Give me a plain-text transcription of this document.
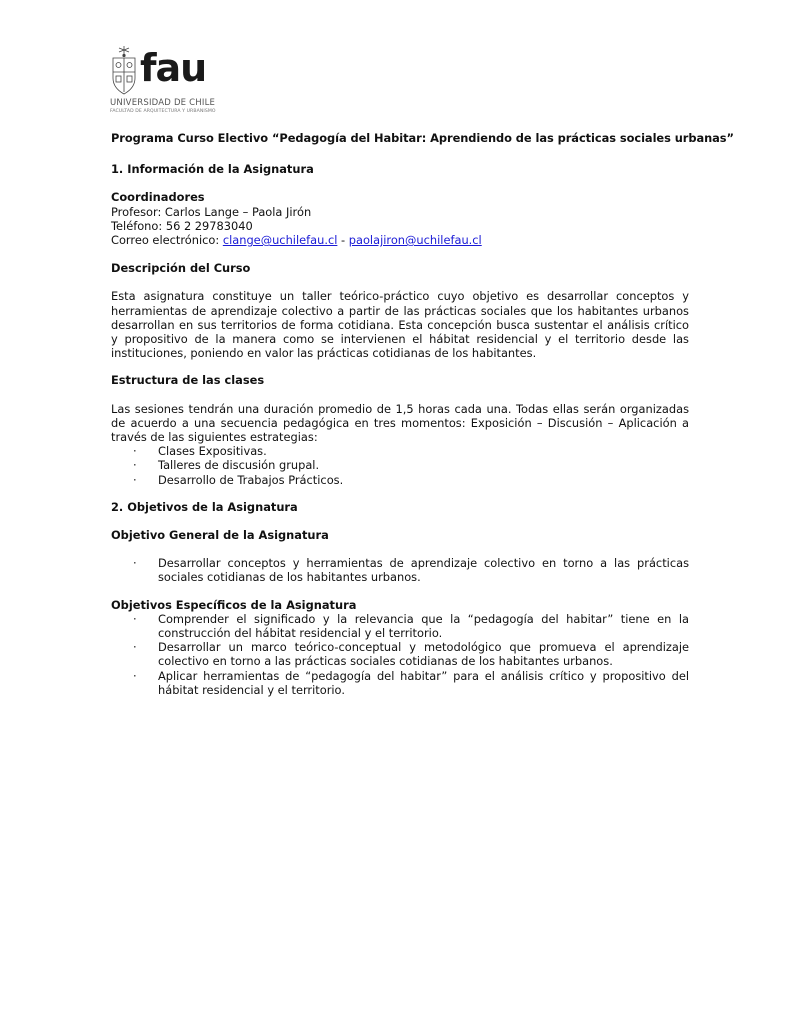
fau
UNIVERSIDAD DE CHILE
FACULTAD DE ARQUITECTURA Y URBANISMO

Programa Curso Electivo “Pedagogía del Habitar: Aprendiendo de las prácticas sociales urbanas”

1. Información de la Asignatura

Coordinadores

Profesor: Carlos Lange – Paola Jirón

Teléfono: 56 2 29783040

Correo electrónico: clange@uchilefau.cl - paolajiron@uchilefau.cl

Descripción del Curso

Esta asignatura constituye un taller teórico-práctico cuyo objetivo es desarrollar conceptos y herramientas de aprendizaje colectivo a partir de las prácticas sociales que los habitantes urbanos desarrollan en sus territorios de forma cotidiana. Esta concepción busca sustentar el análisis crítico y propositivo de la manera como se intervienen el hábitat residencial y el territorio desde las instituciones, poniendo en valor las prácticas cotidianas de los habitantes.

Estructura de las clases

Las sesiones tendrán una duración promedio de 1,5 horas cada una. Todas ellas serán organizadas de acuerdo a una secuencia pedagógica en tres momentos: Exposición – Discusión – Aplicación a través de las siguientes estrategias:

· Clases Expositivas.
· Talleres de discusión grupal.
· Desarrollo de Trabajos Prácticos.

2. Objetivos de la Asignatura

Objetivo General de la Asignatura

· Desarrollar conceptos y herramientas de aprendizaje colectivo en torno a las prácticas sociales cotidianas de los habitantes urbanos.

Objetivos Específicos de la Asignatura

· Comprender el significado y la relevancia que la “pedagogía del habitar” tiene en la construcción del hábitat residencial y el territorio.
· Desarrollar un marco teórico-conceptual y metodológico que promueva el aprendizaje colectivo en torno a las prácticas sociales cotidianas de los habitantes urbanos.
· Aplicar herramientas de “pedagogía del habitar” para el análisis crítico y propositivo del hábitat residencial y el territorio.
